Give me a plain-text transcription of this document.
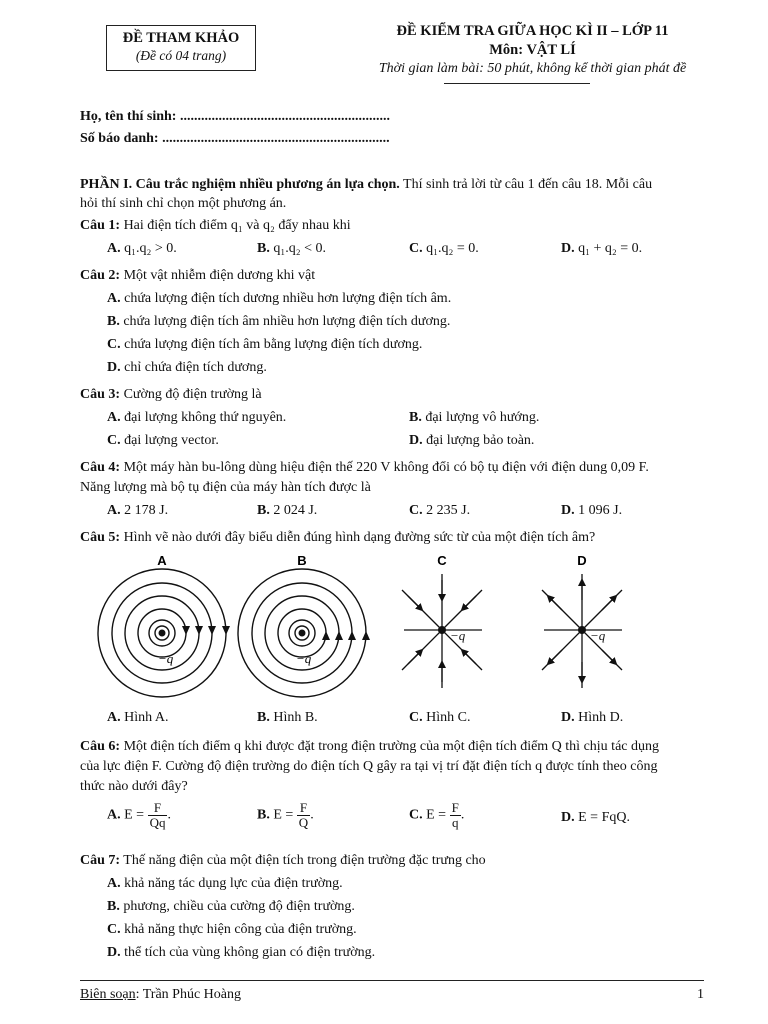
ĐỀ THAM KHẢO
(Đề có 04 trang)
ĐỀ KIỂM TRA GIỮA HỌC KÌ II – LỚP 11
Môn: VẬT LÍ
Thời gian làm bài: 50 phút, không kể thời gian phát đề
Họ, tên thí sinh: ............................................................
Số báo danh: .................................................................
PHẦN I. Câu trắc nghiệm nhiều phương án lựa chọn. Thí sinh trả lời từ câu 1 đến câu 18. Mỗi câu
hỏi thí sinh chỉ chọn một phương án.
Câu 1: Hai điện tích điểm q₁ và q₂ đẩy nhau khi
A. q₁.q₂ > 0.	B. q₁.q₂ < 0.	C. q₁.q₂ = 0.	D. q₁ + q₂ = 0.
Câu 2: Một vật nhiễm điện dương khi vật
A. chứa lượng điện tích dương nhiều hơn lượng điện tích âm.
B. chứa lượng điện tích âm nhiều hơn lượng điện tích dương.
C. chứa lượng điện tích âm bằng lượng điện tích dương.
D. chỉ chứa điện tích dương.
Câu 3: Cường độ điện trường là
A. đại lượng không thứ nguyên.	B. đại lượng vô hướng.
C. đại lượng vector.	D. đại lượng bảo toàn.
Câu 4: Một máy hàn bu-lông dùng hiệu điện thế 220 V không đổi có bộ tụ điện với điện dung 0,09 F.
Năng lượng mà bộ tụ điện của máy hàn tích được là
A. 2 178 J.	B. 2 024 J.	C. 2 235 J.	D. 1 096 J.
Câu 5: Hình vẽ nào dưới đây biểu diễn đúng hình dạng đường sức từ của một điện tích âm?
A
−q
B
−q
C
−q
D
−q
A. Hình A.	B. Hình B.	C. Hình C.	D. Hình D.
Câu 6: Một điện tích điểm q khi được đặt trong điện trường của một điện tích điểm Q thì chịu tác dụng
của lực điện F. Cường độ điện trường do điện tích Q gây ra tại vị trí đặt điện tích q được tính theo công
thức nào dưới đây?
A. $E = \frac{F}{Qq}$ .	B. $E = \frac{F}{Q}$ .	C. $E = \frac{F}{q}$ .	D. E = FqQ.
Câu 7: Thế năng điện của một điện tích trong điện trường đặc trưng cho
A. khả năng tác dụng lực của điện trường.
B. phương, chiều của cường độ điện trường.
C. khả năng thực hiện công của điện trường.
D. thể tích của vùng không gian có điện trường.
Biên soạn: Trần Phúc Hoàng	1
